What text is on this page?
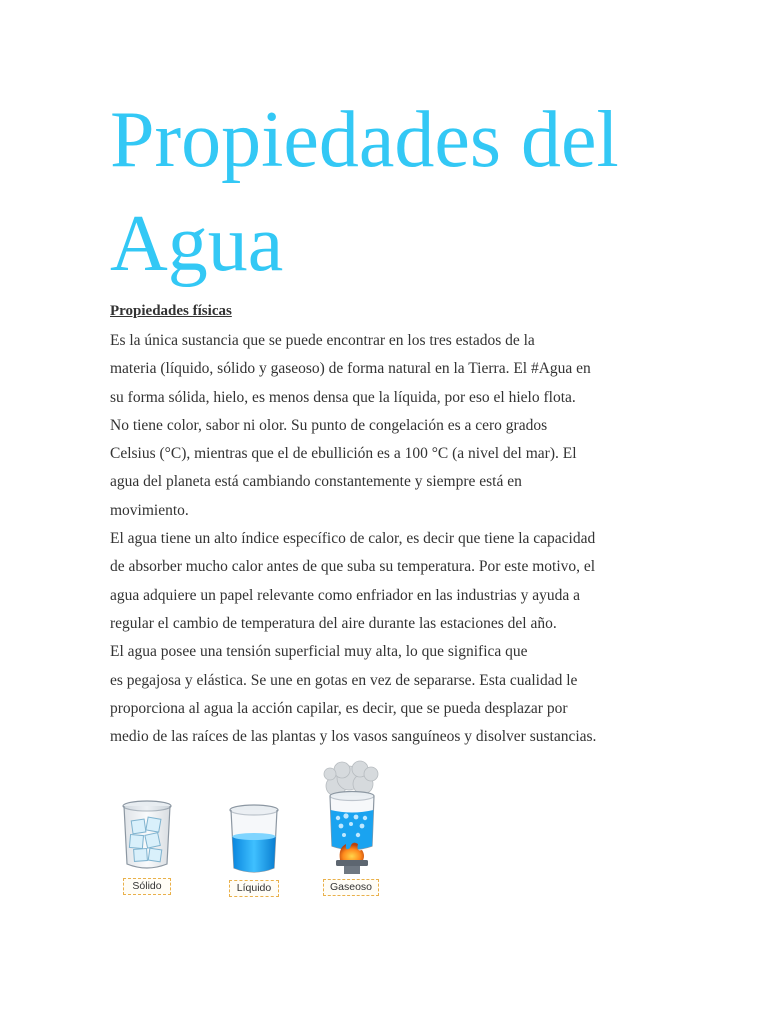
Propiedades del
Agua
Propiedades físicas
Es la única sustancia que se puede encontrar en los tres estados de la
materia (líquido, sólido y gaseoso) de forma natural en la Tierra. El #Agua en
su forma sólida, hielo, es menos densa que la líquida, por eso el hielo flota.
No tiene color, sabor ni olor. Su punto de congelación es a cero grados
Celsius (°C), mientras que el de ebullición es a 100 °C (a nivel del mar). El
agua del planeta está cambiando constantemente y siempre está en
movimiento.
El agua tiene un alto índice específico de calor, es decir que tiene la capacidad
de absorber mucho calor antes de que suba su temperatura. Por este motivo, el
agua adquiere un papel relevante como enfriador en las industrias y ayuda a
regular el cambio de temperatura del aire durante las estaciones del año.
El agua posee una tensión superficial muy alta, lo que significa que
es pegajosa y elástica. Se une en gotas en vez de separarse. Esta cualidad le
proporciona al agua la acción capilar, es decir, que se pueda desplazar por
medio de las raíces de las plantas y los vasos sanguíneos y disolver sustancias.
Sólido	Líquido	Gaseoso
